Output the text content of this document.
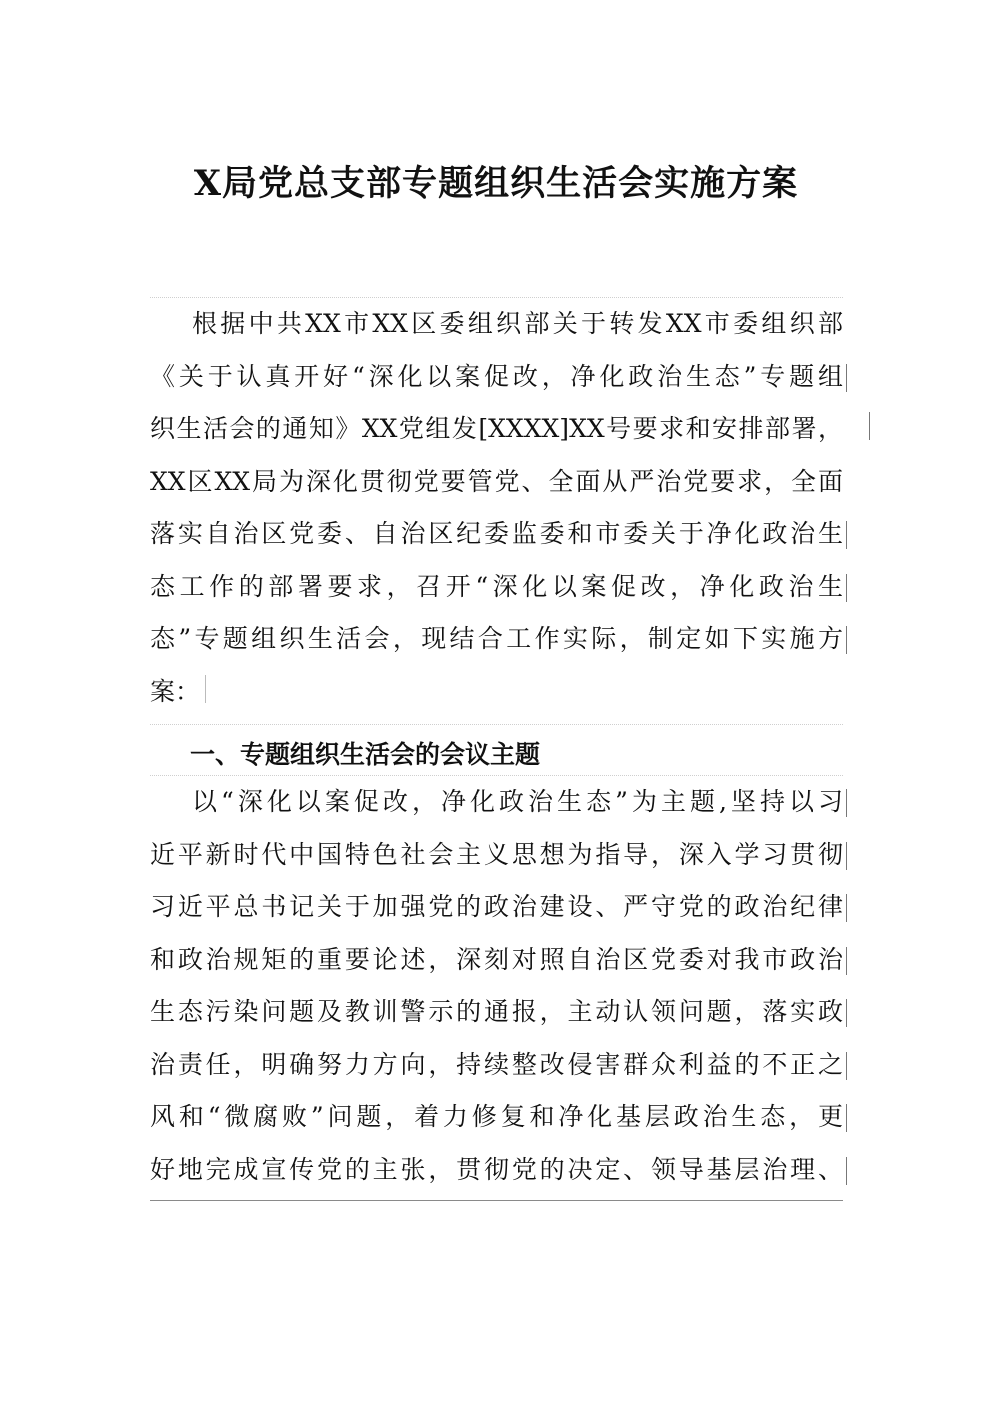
X局党总支部专题组织生活会实施方案
根据中共XX市XX区委组织部关于转发XX市委组织部
《关于认真开好“深化以案促改，净化政治生态”专题组
织生活会的通知》XX党组发[XXXX]XX号要求和安排部署，
XX区XX局为深化贯彻党要管党、全面从严治党要求，全面
落实自治区党委、自治区纪委监委和市委关于净化政治生
态工作的部署要求，召开“深化以案促改，净化政治生
态”专题组织生活会，现结合工作实际，制定如下实施方
案：
一、专题组织生活会的会议主题
以“深化以案促改，净化政治生态”为主题,坚持以习
近平新时代中国特色社会主义思想为指导，深入学习贯彻
习近平总书记关于加强党的政治建设、严守党的政治纪律
和政治规矩的重要论述，深刻对照自治区党委对我市政治
生态污染问题及教训警示的通报，主动认领问题，落实政
治责任，明确努力方向，持续整改侵害群众利益的不正之
风和“微腐败”问题，着力修复和净化基层政治生态，更
好地完成宣传党的主张，贯彻党的决定、领导基层治理、
